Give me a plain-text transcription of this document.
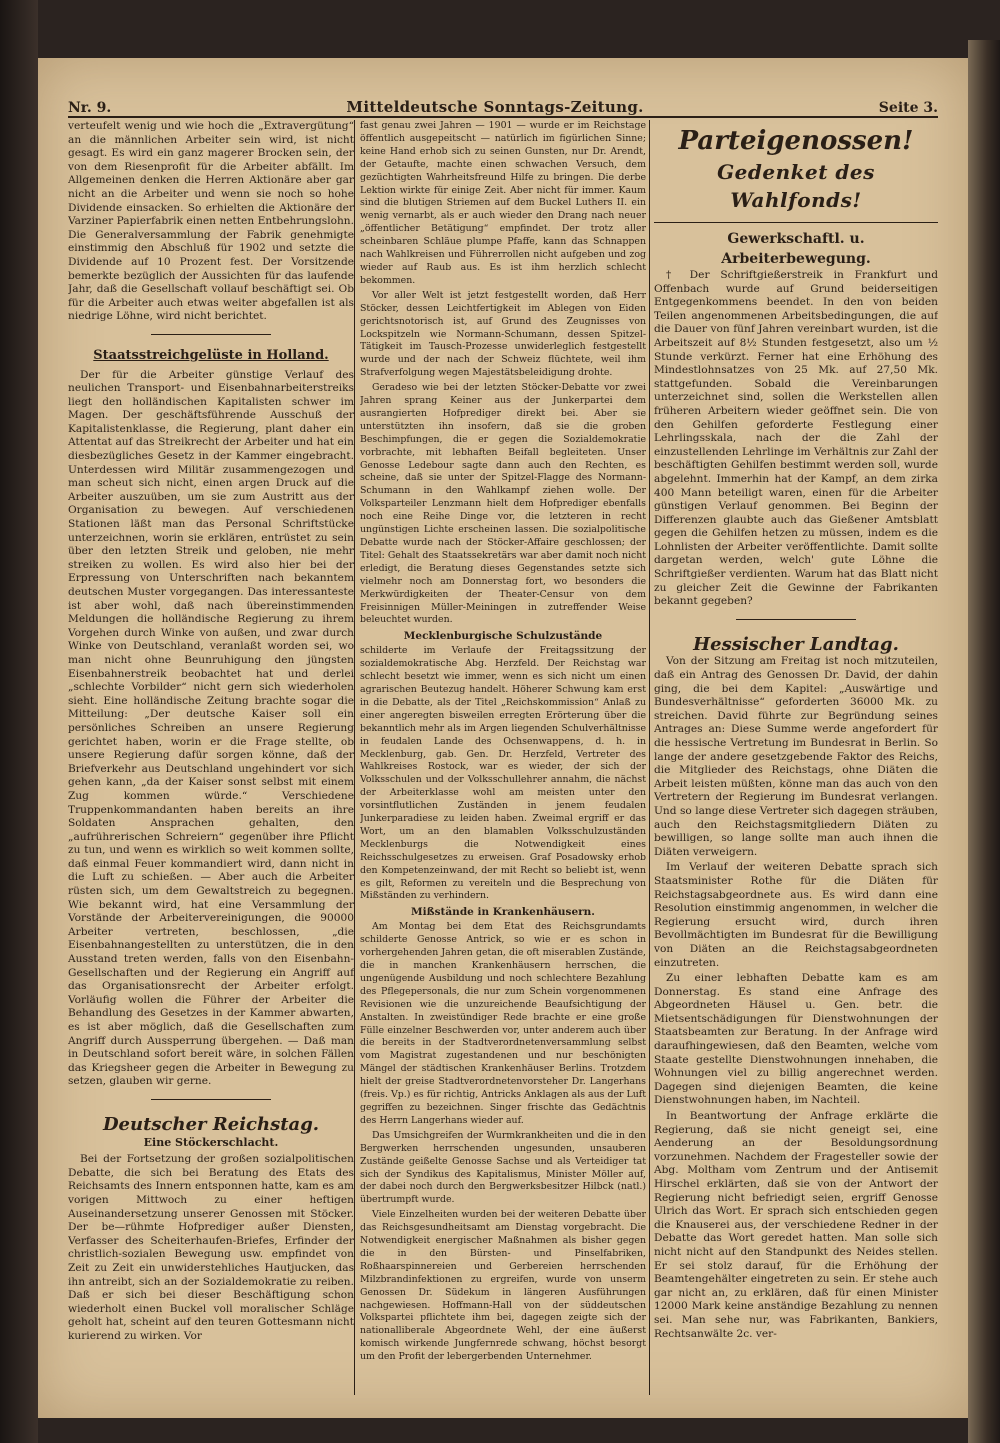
Nr. 9.	Mitteldeutsche Sonntags-Zeitung.	Seite 3.

verteufelt wenig und wie hoch die „Extravergütung“ an die männlichen Arbeiter sein wird, ist nicht gesagt. Es wird ein ganz magerer Brocken sein, der von dem Riesenprofit für die Arbeiter abfällt. Im Allgemeinen denken die Herren Aktionäre aber gar nicht an die Arbeiter und wenn sie noch so hohe Dividende einsacken. So erhielten die Aktionäre der Varziner Papierfabrik einen netten Entbehrungslohn. Die Generalversammlung der Fabrik genehmigte einstimmig den Abschluß für 1902 und setzte die Dividende auf 10 Prozent fest. Der Vorsitzende bemerkte bezüglich der Aussichten für das laufende Jahr, daß die Gesellschaft vollauf beschäftigt sei. Ob für die Arbeiter auch etwas weiter abgefallen ist als niedrige Löhne, wird nicht berichtet.

Staatsstreichgelüste in Holland.

Der für die Arbeiter günstige Verlauf des neulichen Transport- und Eisenbahnarbeiterstreiks liegt den holländischen Kapitalisten schwer im Magen. Der geschäftsführende Ausschuß der Kapitalistenklasse, die Regierung, plant daher ein Attentat auf das Streikrecht der Arbeiter und hat ein diesbezügliches Gesetz in der Kammer eingebracht. Unterdessen wird Militär zusammengezogen und man scheut sich nicht, einen argen Druck auf die Arbeiter auszuüben, um sie zum Austritt aus der Organisation zu bewegen. Auf verschiedenen Stationen läßt man das Personal Schriftstücke unterzeichnen, worin sie erklären, entrüstet zu sein über den letzten Streik und geloben, nie mehr streiken zu wollen. Es wird also hier bei der Erpressung von Unterschriften nach bekanntem deutschen Muster vorgegangen. Das interessanteste ist aber wohl, daß nach übereinstimmenden Meldungen die holländische Regierung zu ihrem Vorgehen durch Winke von außen, und zwar durch Winke von Deutschland, veranlaßt worden sei, wo man nicht ohne Beunruhigung den jüngsten Eisenbahnerstreik beobachtet hat und derlei „schlechte Vorbilder“ nicht gern sich wiederholen sieht. Eine holländische Zeitung brachte sogar die Mitteilung: „Der deutsche Kaiser soll ein persönliches Schreiben an unsere Regierung gerichtet haben, worin er die Frage stellte, ob unsere Regierung dafür sorgen könne, daß der Briefverkehr aus Deutschland ungehindert vor sich gehen kann, „da der Kaiser sonst selbst mit einem Zug kommen würde.“ Verschiedene Truppenkommandanten haben bereits an ihre Soldaten Ansprachen gehalten, den „aufrührerischen Schreiern“ gegenüber ihre Pflicht zu tun, und wenn es wirklich so weit kommen sollte, daß einmal Feuer kommandiert wird, dann nicht in die Luft zu schießen. — Aber auch die Arbeiter rüsten sich, um dem Gewaltstreich zu begegnen. Wie bekannt wird, hat eine Versammlung der Vorstände der Arbeitervereinigungen, die 90000 Arbeiter vertreten, beschlossen, „die Eisenbahnangestellten zu unterstützen, die in den Ausstand treten werden, falls von den Eisenbahn-Gesellschaften und der Regierung ein Angriff auf das Organisationsrecht der Arbeiter erfolgt. Vorläufig wollen die Führer der Arbeiter die Behandlung des Gesetzes in der Kammer abwarten, es ist aber möglich, daß die Gesellschaften zum Angriff durch Aussperrung übergehen. — Daß man in Deutschland sofort bereit wäre, in solchen Fällen das Kriegsheer gegen die Arbeiter in Bewegung zu setzen, glauben wir gerne.

Deutscher Reichstag.
Eine Stöckerschlacht.

Bei der Fortsetzung der großen sozialpolitischen Debatte, die sich bei Beratung des Etats des Reichsamts des Innern entsponnen hatte, kam es am vorigen Mittwoch zu einer heftigen Auseinandersetzung unserer Genossen mit Stöcker. Der be—rühmte Hofprediger außer Diensten, Verfasser des Scheiterhaufen-Briefes, Erfinder der christlich-sozialen Bewegung usw. empfindet von Zeit zu Zeit ein unwiderstehliches Hautjucken, das ihn antreibt, sich an der Sozialdemokratie zu reiben. Daß er sich bei dieser Beschäftigung schon wiederholt einen Buckel voll moralischer Schläge geholt hat, scheint auf den teuren Gottesmann nicht kurierend zu wirken. Vor

fast genau zwei Jahren — 1901 — wurde er im Reichstage öffentlich ausgepeitscht — natürlich im figürlichen Sinne; keine Hand erhob sich zu seinen Gunsten, nur Dr. Arendt, der Getaufte, machte einen schwachen Versuch, dem gezüchtigten Wahrheitsfreund Hilfe zu bringen. Die derbe Lektion wirkte für einige Zeit. Aber nicht für immer. Kaum sind die blutigen Striemen auf dem Buckel Luthers II. ein wenig vernarbt, als er auch wieder den Drang nach neuer „öffentlicher Betätigung“ empfindet. Der trotz aller scheinbaren Schläue plumpe Pfaffe, kann das Schnappen nach Wahlkreisen und Führerrollen nicht aufgeben und zog wieder auf Raub aus. Es ist ihm herzlich schlecht bekommen.

Vor aller Welt ist jetzt festgestellt worden, daß Herr Stöcker, dessen Leichtfertigkeit im Ablegen von Eiden gerichtsnotorisch ist, auf Grund des Zeugnisses von Lockspitzeln wie Normann-Schumann, dessen Spitzel-Tätigkeit im Tausch-Prozesse unwiderleglich festgestellt wurde und der nach der Schweiz flüchtete, weil ihm Strafverfolgung wegen Majestätsbeleidigung drohte.

Geradeso wie bei der letzten Stöcker-Debatte vor zwei Jahren sprang Keiner aus der Junkerpartei dem ausrangierten Hofprediger direkt bei. Aber sie unterstützten ihn insofern, daß sie die groben Beschimpfungen, die er gegen die Sozialdemokratie vorbrachte, mit lebhaften Beifall begleiteten. Unser Genosse Ledebour sagte dann auch den Rechten, es scheine, daß sie unter der Spitzel-Flagge des Normann-Schumann in den Wahlkampf ziehen wolle. Der Volksparteiler Lenzmann hielt dem Hofprediger ebenfalls noch eine Reihe Dinge vor, die letzteren in recht ungünstigen Lichte erscheinen lassen. Die sozialpolitische Debatte wurde nach der Stöcker-Affaire geschlossen; der Titel: Gehalt des Staatssekretärs war aber damit noch nicht erledigt, die Beratung dieses Gegenstandes setzte sich vielmehr noch am Donnerstag fort, wo besonders die Merkwürdigkeiten der Theater-Censur von dem Freisinnigen Müller-Meiningen in zutreffender Weise beleuchtet wurden.

Mecklenburgische Schulzustände

schilderte im Verlaufe der Freitagssitzung der sozialdemokratische Abg. Herzfeld. Der Reichstag war schlecht besetzt wie immer, wenn es sich nicht um einen agrarischen Beutezug handelt. Höherer Schwung kam erst in die Debatte, als der Titel „Reichskommission“ Anlaß zu einer angeregten bisweilen erregten Erörterung über die bekanntlich mehr als im Argen liegenden Schulverhältnisse in feudalen Lande des Ochsenwappens, d. h. in Mecklenburg, gab. Gen. Dr. Herzfeld, Vertreter des Wahlkreises Rostock, war es wieder, der sich der Volksschulen und der Volksschullehrer annahm, die nächst der Arbeiterklasse wohl am meisten unter den vorsintflutlichen Zuständen in jenem feudalen Junkerparadiese zu leiden haben. Zweimal ergriff er das Wort, um an den blamablen Volksschulzuständen Mecklenburgs die Notwendigkeit eines Reichsschulgesetzes zu erweisen. Graf Posadowsky erhob den Kompetenzeinwand, der mit Recht so beliebt ist, wenn es gilt, Reformen zu vereiteln und die Besprechung von Mißständen zu verhindern.

Mißstände in Krankenhäusern.

Am Montag bei dem Etat des Reichsgrundamts schilderte Genosse Antrick, so wie er es schon in vorhergehenden Jahren getan, die oft miserablen Zustände, die in manchen Krankenhäusern herrschen, die ungenügende Ausbildung und noch schlechtere Bezahlung des Pflegepersonals, die nur zum Schein vorgenommenen Revisionen wie die unzureichende Beaufsichtigung der Anstalten. In zweistündiger Rede brachte er eine große Fülle einzelner Beschwerden vor, unter anderem auch über die bereits in der Stadtverordnetenversammlung selbst vom Magistrat zugestandenen und nur beschönigten Mängel der städtischen Krankenhäuser Berlins. Trotzdem hielt der greise Stadtverordnetenvorsteher Dr. Langerhans (freis. Vp.) es für richtig, Antricks Anklagen als aus der Luft gegriffen zu bezeichnen. Singer frischte das Gedächtnis des Herrn Langerhans wieder auf.

Das Umsichgreifen der Wurmkrankheiten und die in den Bergwerken herrschenden ungesunden, unsauberen Zustände geißelte Genosse Sachse und als Verteidiger tat sich der Syndikus des Kapitalismus, Minister Möller auf, der dabei noch durch den Bergwerksbesitzer Hilbck (natl.) übertrumpft wurde.

Viele Einzelheiten wurden bei der weiteren Debatte über das Reichsgesundheitsamt am Dienstag vorgebracht. Die Notwendigkeit energischer Maßnahmen als bisher gegen die in den Bürsten- und Pinselfabriken, Roßhaarspinnereien und Gerbereien herrschenden Milzbrandinfektionen zu ergreifen, wurde von unserm Genossen Dr. Südekum in längeren Ausführungen nachgewiesen. Hoffmann-Hall von der süddeutschen Volkspartei pflichtete ihm bei, dagegen zeigte sich der nationalliberale Abgeordnete Wehl, der eine äußerst komisch wirkende Jungfernrede schwang, höchst besorgt um den Profit der lebergerbenden Unternehmer.

Parteigenossen!
Gedenket des Wahlfonds!
Gewerkschaftl. u. Arbeiterbewegung.

† Der Schriftgießerstreik in Frankfurt und Offenbach wurde auf Grund beiderseitigen Entgegenkommens beendet. In den von beiden Teilen angenommenen Arbeitsbedingungen, die auf die Dauer von fünf Jahren vereinbart wurden, ist die Arbeitszeit auf 8½ Stunden festgesetzt, also um ½ Stunde verkürzt. Ferner hat eine Erhöhung des Mindestlohnsatzes von 25 Mk. auf 27,50 Mk. stattgefunden. Sobald die Vereinbarungen unterzeichnet sind, sollen die Werkstellen allen früheren Arbeitern wieder geöffnet sein. Die von den Gehilfen geforderte Festlegung einer Lehrlingsskala, nach der die Zahl der einzustellenden Lehrlinge im Verhältnis zur Zahl der beschäftigten Gehilfen bestimmt werden soll, wurde abgelehnt. Immerhin hat der Kampf, an dem zirka 400 Mann beteiligt waren, einen für die Arbeiter günstigen Verlauf genommen. Bei Beginn der Differenzen glaubte auch das Gießener Amtsblatt gegen die Gehilfen hetzen zu müssen, indem es die Lohnlisten der Arbeiter veröffentlichte. Damit sollte dargetan werden, welch' gute Löhne die Schriftgießer verdienten. Warum hat das Blatt nicht zu gleicher Zeit die Gewinne der Fabrikanten bekannt gegeben?

Hessischer Landtag.

Von der Sitzung am Freitag ist noch mitzuteilen, daß ein Antrag des Genossen Dr. David, der dahin ging, die bei dem Kapitel: „Auswärtige und Bundesverhältnisse“ geforderten 36000 Mk. zu streichen. David führte zur Begründung seines Antrages an: Diese Summe werde angefordert für die hessische Vertretung im Bundesrat in Berlin. So lange der andere gesetzgebende Faktor des Reichs, die Mitglieder des Reichstags, ohne Diäten die Arbeit leisten müßten, könne man das auch von den Vertretern der Regierung im Bundesrat verlangen. Und so lange diese Vertreter sich dagegen sträuben, auch den Reichstagsmitgliedern Diäten zu bewilligen, so lange sollte man auch ihnen die Diäten verweigern.

Im Verlauf der weiteren Debatte sprach sich Staatsminister Rothe für die Diäten für Reichstagsabgeordnete aus. Es wird dann eine Resolution einstimmig angenommen, in welcher die Regierung ersucht wird, durch ihren Bevollmächtigten im Bundesrat für die Bewilligung von Diäten an die Reichstagsabgeordneten einzutreten.

Zu einer lebhaften Debatte kam es am Donnerstag. Es stand eine Anfrage des Abgeordneten Häusel u. Gen. betr. die Mietsentschädigungen für Dienstwohnungen der Staatsbeamten zur Beratung. In der Anfrage wird daraufhingewiesen, daß den Beamten, welche vom Staate gestellte Dienstwohnungen innehaben, die Wohnungen viel zu billig angerechnet werden. Dagegen sind diejenigen Beamten, die keine Dienstwohnungen haben, im Nachteil.

In Beantwortung der Anfrage erklärte die Regierung, daß sie nicht geneigt sei, eine Aenderung an der Besoldungsordnung vorzunehmen. Nachdem der Fragesteller sowie der Abg. Moltham vom Zentrum und der Antisemit Hirschel erklärten, daß sie von der Antwort der Regierung nicht befriedigt seien, ergriff Genosse Ulrich das Wort. Er sprach sich entschieden gegen die Knauserei aus, der verschiedene Redner in der Debatte das Wort geredet hatten. Man solle sich nicht nicht auf den Standpunkt des Neides stellen. Er sei stolz darauf, für die Erhöhung der Beamtengehälter eingetreten zu sein. Er stehe auch gar nicht an, zu erklären, daß für einen Minister 12000 Mark keine anständige Bezahlung zu nennen sei. Man sehe nur, was Fabrikanten, Bankiers, Rechtsanwälte 2c. ver-
